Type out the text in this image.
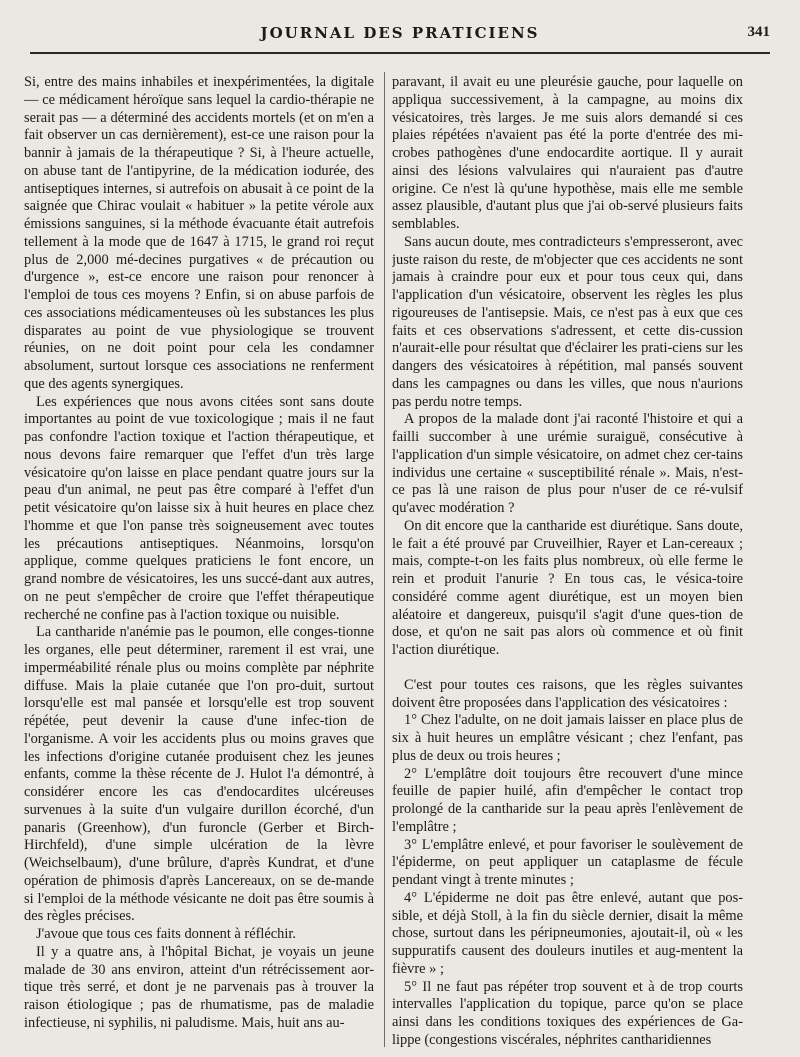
JOURNAL DES PRATICIENS	341

Si, entre des mains inhabiles et inexpérimentées, la digitale — ce médicament héroïque sans lequel la cardio-thérapie ne serait pas — a déterminé des accidents mortels (et on m'en a fait observer un cas dernièrement), est-ce une raison pour la bannir à jamais de la thérapeutique ? Si, à l'heure actuelle, on abuse tant de l'antipyrine, de la médication iodurée, des antiseptiques internes, si autrefois on abusait à ce point de la saignée que Chirac voulait « habituer » la petite vérole aux émissions sanguines, si la méthode évacuante était autrefois tellement à la mode que de 1647 à 1715, le grand roi reçut plus de 2,000 mé-decines purgatives « de précaution ou d'urgence », est-ce encore une raison pour renoncer à l'emploi de tous ces moyens ? Enfin, si on abuse parfois de ces associations médicamenteuses où les substances les plus disparates au point de vue physiologique se trouvent réunies, on ne doit point pour cela les condamner absolument, surtout lorsque ces associations ne renferment que des agents synergiques.

Les expériences que nous avons citées sont sans doute importantes au point de vue toxicologique ; mais il ne faut pas confondre l'action toxique et l'action thérapeutique, et nous devons faire remarquer que l'effet d'un très large vésicatoire qu'on laisse en place pendant quatre jours sur la peau d'un animal, ne peut pas être comparé à l'effet d'un petit vésicatoire qu'on laisse six à huit heures en place chez l'homme et que l'on panse très soigneusement avec toutes les précautions antiseptiques. Néanmoins, lorsqu'on applique, comme quelques praticiens le font encore, un grand nombre de vésicatoires, les uns succé-dant aux autres, on ne peut s'empêcher de croire que l'effet thérapeutique recherché ne confine pas à l'action toxique ou nuisible.

La cantharide n'anémie pas le poumon, elle conges-tionne les organes, elle peut déterminer, rarement il est vrai, une imperméabilité rénale plus ou moins complète par néphrite diffuse. Mais la plaie cutanée que l'on pro-duit, surtout lorsqu'elle est mal pansée et lorsqu'elle est trop souvent répétée, peut devenir la cause d'une infec-tion de l'organisme. A voir les accidents plus ou moins graves que les infections d'origine cutanée produisent chez les jeunes enfants, comme la thèse récente de J. Hulot l'a démontré, à considérer encore les cas d'endocardites ulcéreuses survenues à la suite d'un vulgaire durillon écorché, d'un panaris (Greenhow), d'un furoncle (Gerber et Birch-Hirchfeld), d'une simple ulcération de la lèvre (Weichselbaum), d'une brûlure, d'après Kundrat, et d'une opération de phimosis d'après Lancereaux, on se de-mande si l'emploi de la méthode vésicante ne doit pas être soumis à des règles précises.

J'avoue que tous ces faits donnent à réfléchir.

Il y a quatre ans, à l'hôpital Bichat, je voyais un jeune malade de 30 ans environ, atteint d'un rétrécissement aor-tique très serré, et dont je ne parvenais pas à trouver la raison étiologique ; pas de rhumatisme, pas de maladie infectieuse, ni syphilis, ni paludisme. Mais, huit ans au-

paravant, il avait eu une pleurésie gauche, pour laquelle on appliqua successivement, à la campagne, au moins dix vésicatoires, très larges. Je me suis alors demandé si ces plaies répétées n'avaient pas été la porte d'entrée des mi-crobes pathogènes d'une endocardite aortique. Il y aurait ainsi des lésions valvulaires qui n'auraient pas d'autre origine. Ce n'est là qu'une hypothèse, mais elle me semble assez plausible, d'autant plus que j'ai ob-servé plusieurs faits semblables.

Sans aucun doute, mes contradicteurs s'empresseront, avec juste raison du reste, de m'objecter que ces accidents ne sont jamais à craindre pour eux et pour tous ceux qui, dans l'application d'un vésicatoire, observent les règles les plus rigoureuses de l'antisepsie. Mais, ce n'est pas à eux que ces faits et ces observations s'adressent, et cette dis-cussion n'aurait-elle pour résultat que d'éclairer les prati-ciens sur les dangers des vésicatoires à répétition, mal pansés souvent dans les campagnes ou dans les villes, que nous n'aurions pas perdu notre temps.

A propos de la malade dont j'ai raconté l'histoire et qui a failli succomber à une urémie suraiguë, consécutive à l'application d'un simple vésicatoire, on admet chez cer-tains individus une certaine « susceptibilité rénale ». Mais, n'est-ce pas là une raison de plus pour n'user de ce ré-vulsif qu'avec modération ?

On dit encore que la cantharide est diurétique. Sans doute, le fait a été prouvé par Cruveilhier, Rayer et Lan-cereaux ; mais, compte-t-on les faits plus nombreux, où elle ferme le rein et produit l'anurie ? En tous cas, le vésica-toire considéré comme agent diurétique, est un moyen bien aléatoire et dangereux, puisqu'il s'agit d'une ques-tion de dose, et qu'on ne sait pas alors où commence et où finit l'action diurétique.

C'est pour toutes ces raisons, que les règles suivantes doivent être proposées dans l'application des vésicatoires :

1° Chez l'adulte, on ne doit jamais laisser en place plus de six à huit heures un emplâtre vésicant ; chez l'enfant, pas plus de deux ou trois heures ;

2° L'emplâtre doit toujours être recouvert d'une mince feuille de papier huilé, afin d'empêcher le contact trop prolongé de la cantharide sur la peau après l'enlèvement de l'emplâtre ;

3° L'emplâtre enlevé, et pour favoriser le soulèvement de l'épiderme, on peut appliquer un cataplasme de fécule pendant vingt à trente minutes ;

4° L'épiderme ne doit pas être enlevé, autant que pos-sible, et déjà Stoll, à la fin du siècle dernier, disait la même chose, surtout dans les péripneumonies, ajoutait-il, où « les suppuratifs causent des douleurs inutiles et aug-mentent la fièvre » ;

5° Il ne faut pas répéter trop souvent et à de trop courts intervalles l'application du topique, parce qu'on se place ainsi dans les conditions toxiques des expériences de Ga-lippe (congestions viscérales, néphrites cantharidiennes
